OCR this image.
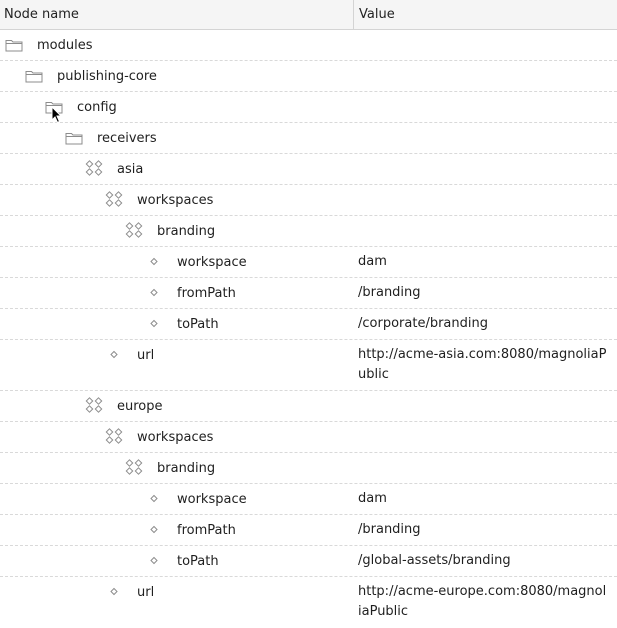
Node name	Value
modules
publishing-core
config
receivers
asia
workspaces
branding
workspace	dam
fromPath	/branding
toPath	/corporate/branding
url	http://acme-asia.com:8080/magnoliaPublic
europe
workspaces
branding
workspace	dam
fromPath	/branding
toPath	/global-assets/branding
url	http://acme-europe.com:8080/magnoliaPublic
